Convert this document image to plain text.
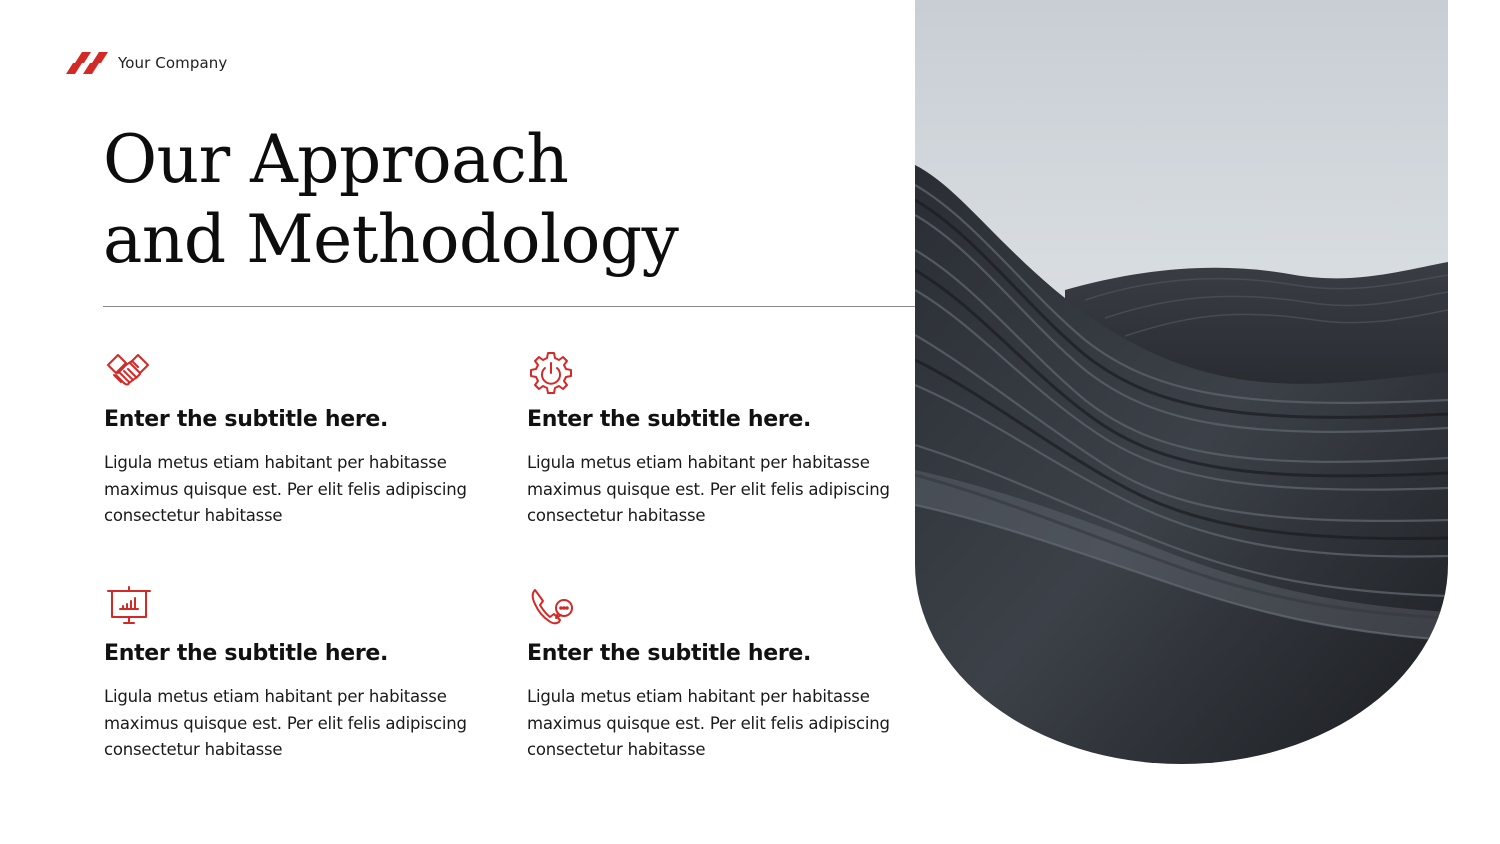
Your Company
Our Approach
and Methodology
Enter the subtitle here.

Ligula metus etiam habitant per habitasse maximus quisque est. Per elit felis adipiscing consectetur habitasse

Enter the subtitle here.

Ligula metus etiam habitant per habitasse maximus quisque est. Per elit felis adipiscing consectetur habitasse

Enter the subtitle here.

Ligula metus etiam habitant per habitasse maximus quisque est. Per elit felis adipiscing consectetur habitasse

Enter the subtitle here.

Ligula metus etiam habitant per habitasse maximus quisque est. Per elit felis adipiscing consectetur habitasse
